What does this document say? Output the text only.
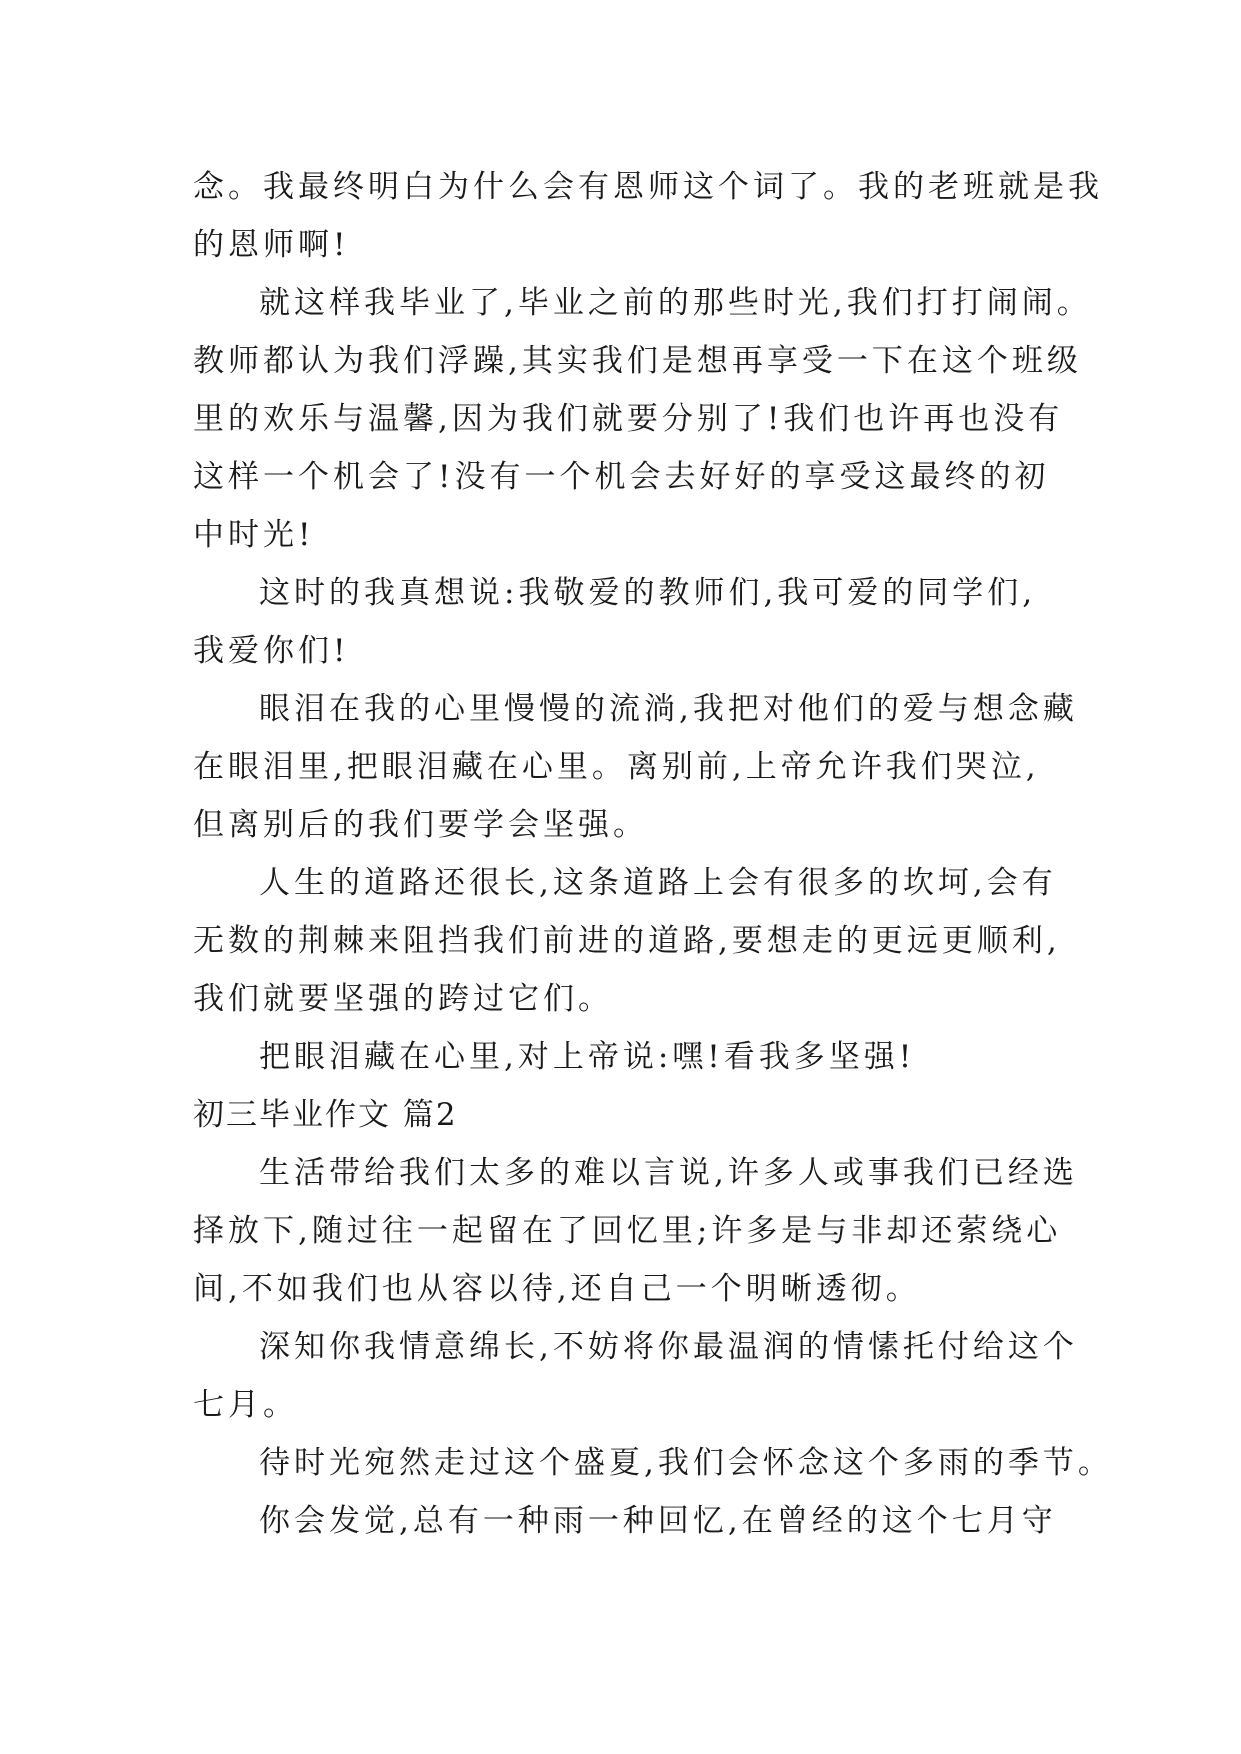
念。我最终明白为什么会有恩师这个词了。我的老班就是我
的恩师啊!
就这样我毕业了,毕业之前的那些时光,我们打打闹闹。
教师都认为我们浮躁,其实我们是想再享受一下在这个班级
里的欢乐与温馨,因为我们就要分别了!我们也许再也没有
这样一个机会了!没有一个机会去好好的享受这最终的初
中时光!
这时的我真想说:我敬爱的教师们,我可爱的同学们,
我爱你们!
眼泪在我的心里慢慢的流淌,我把对他们的爱与想念藏
在眼泪里,把眼泪藏在心里。离别前,上帝允许我们哭泣,
但离别后的我们要学会坚强。
人生的道路还很长,这条道路上会有很多的坎坷,会有
无数的荆棘来阻挡我们前进的道路,要想走的更远更顺利,
我们就要坚强的跨过它们。
把眼泪藏在心里,对上帝说:嘿!看我多坚强!
初三毕业作文 篇2
生活带给我们太多的难以言说,许多人或事我们已经选
择放下,随过往一起留在了回忆里;许多是与非却还萦绕心
间,不如我们也从容以待,还自己一个明晰透彻。
深知你我情意绵长,不妨将你最温润的情愫托付给这个
七月。
待时光宛然走过这个盛夏,我们会怀念这个多雨的季节。
你会发觉,总有一种雨一种回忆,在曾经的这个七月守
